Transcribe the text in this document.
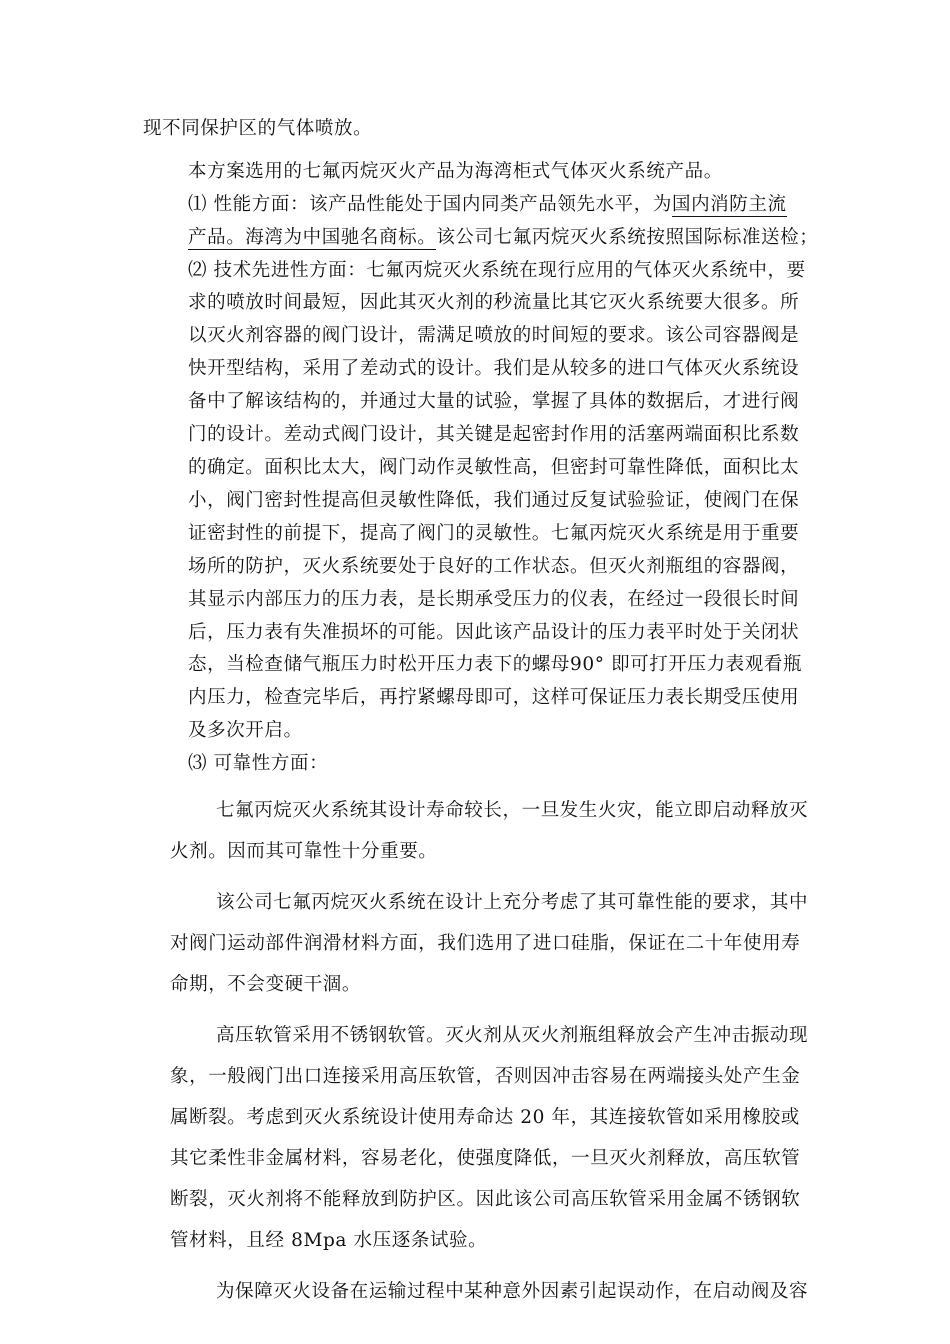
现不同保护区的气体喷放。
本方案选用的七氟丙烷灭火产品为海湾柜式气体灭火系统产品。
⑴ 性能方面：该产品性能处于国内同类产品领先水平，为国内消防主流
产品。海湾为中国驰名商标。该公司七氟丙烷灭火系统按照国际标准送检；
⑵ 技术先进性方面：七氟丙烷灭火系统在现行应用的气体灭火系统中，要
求的喷放时间最短，因此其灭火剂的秒流量比其它灭火系统要大很多。所
以灭火剂容器的阀门设计，需满足喷放的时间短的要求。该公司容器阀是
快开型结构，采用了差动式的设计。我们是从较多的进口气体灭火系统设
备中了解该结构的，并通过大量的试验，掌握了具体的数据后，才进行阀
门的设计。差动式阀门设计，其关键是起密封作用的活塞两端面积比系数
的确定。面积比太大，阀门动作灵敏性高，但密封可靠性降低，面积比太
小，阀门密封性提高但灵敏性降低，我们通过反复试验验证，使阀门在保
证密封性的前提下，提高了阀门的灵敏性。七氟丙烷灭火系统是用于重要
场所的防护，灭火系统要处于良好的工作状态。但灭火剂瓶组的容器阀，
其显示内部压力的压力表，是长期承受压力的仪表，在经过一段很长时间
后，压力表有失准损坏的可能。因此该产品设计的压力表平时处于关闭状
态，当检查储气瓶压力时松开压力表下的螺母90° 即可打开压力表观看瓶
内压力，检查完毕后，再拧紧螺母即可，这样可保证压力表长期受压使用
及多次开启。
⑶ 可靠性方面：
七氟丙烷灭火系统其设计寿命较长，一旦发生火灾，能立即启动释放灭
火剂。因而其可靠性十分重要。
该公司七氟丙烷灭火系统在设计上充分考虑了其可靠性能的要求，其中
对阀门运动部件润滑材料方面，我们选用了进口硅脂，保证在二十年使用寿
命期，不会变硬干涸。
高压软管采用不锈钢软管。灭火剂从灭火剂瓶组释放会产生冲击振动现
象，一般阀门出口连接采用高压软管，否则因冲击容易在两端接头处产生金
属断裂。考虑到灭火系统设计使用寿命达 20 年，其连接软管如采用橡胶或
其它柔性非金属材料，容易老化，使强度降低，一旦灭火剂释放，高压软管
断裂，灭火剂将不能释放到防护区。因此该公司高压软管采用金属不锈钢软
管材料，且经 8Mpa 水压逐条试验。
为保障灭火设备在运输过程中某种意外因素引起误动作，在启动阀及容
